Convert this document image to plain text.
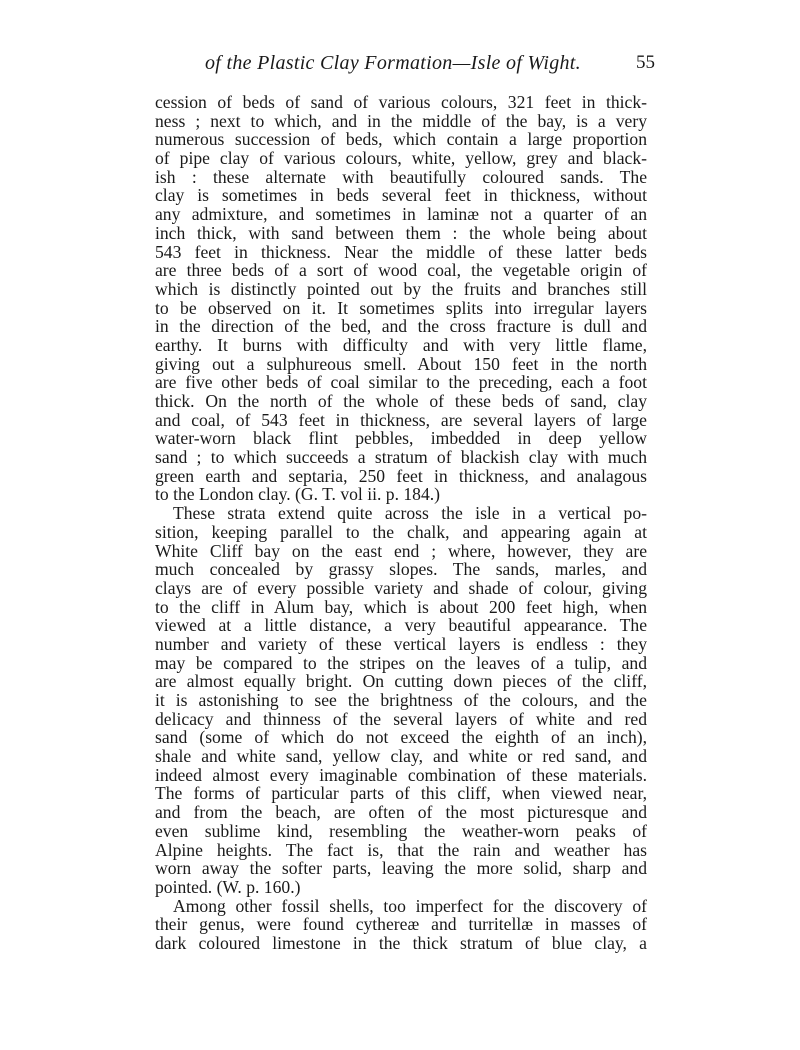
of the Plastic Clay Formation—Isle of Wight.	55
cession of beds of sand of various colours, 321 feet in thick-
ness ; next to which, and in the middle of the bay, is a very
numerous succession of beds, which contain a large proportion
of pipe clay of various colours, white, yellow, grey and black-
ish : these alternate with beautifully coloured sands. The
clay is sometimes in beds several feet in thickness, without
any admixture, and sometimes in laminæ not a quarter of an
inch thick, with sand between them : the whole being about
543 feet in thickness. Near the middle of these latter beds
are three beds of a sort of wood coal, the vegetable origin of
which is distinctly pointed out by the fruits and branches still
to be observed on it. It sometimes splits into irregular layers
in the direction of the bed, and the cross fracture is dull and
earthy. It burns with difficulty and with very little flame,
giving out a sulphureous smell. About 150 feet in the north
are five other beds of coal similar to the preceding, each a foot
thick. On the north of the whole of these beds of sand, clay
and coal, of 543 feet in thickness, are several layers of large
water-worn black flint pebbles, imbedded in deep yellow
sand ; to which succeeds a stratum of blackish clay with much
green earth and septaria, 250 feet in thickness, and analagous
to the London clay. (G. T. vol ii. p. 184.)
These strata extend quite across the isle in a vertical po-
sition, keeping parallel to the chalk, and appearing again at
White Cliff bay on the east end ; where, however, they are
much concealed by grassy slopes. The sands, marles, and
clays are of every possible variety and shade of colour, giving
to the cliff in Alum bay, which is about 200 feet high, when
viewed at a little distance, a very beautiful appearance. The
number and variety of these vertical layers is endless : they
may be compared to the stripes on the leaves of a tulip, and
are almost equally bright. On cutting down pieces of the cliff,
it is astonishing to see the brightness of the colours, and the
delicacy and thinness of the several layers of white and red
sand (some of which do not exceed the eighth of an inch),
shale and white sand, yellow clay, and white or red sand, and
indeed almost every imaginable combination of these materials.
The forms of particular parts of this cliff, when viewed near,
and from the beach, are often of the most picturesque and
even sublime kind, resembling the weather-worn peaks of
Alpine heights. The fact is, that the rain and weather has
worn away the softer parts, leaving the more solid, sharp and
pointed. (W. p. 160.)
Among other fossil shells, too imperfect for the discovery of
their genus, were found cythereæ and turritellæ in masses of
dark coloured limestone in the thick stratum of blue clay, a
